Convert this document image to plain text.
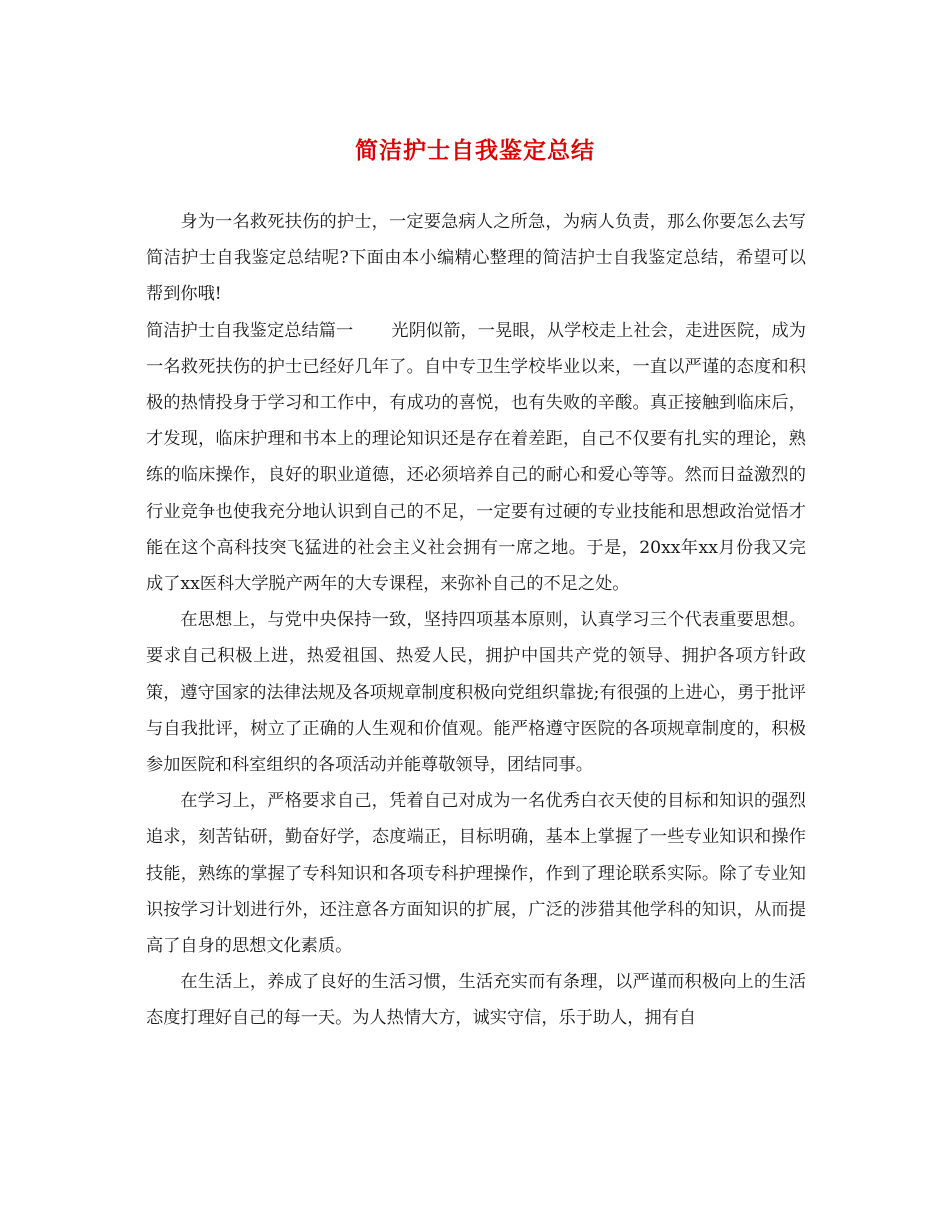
简洁护士自我鉴定总结

身为一名救死扶伤的护士，一定要急病人之所急，为病人负责，那么你要怎么去写简洁护士自我鉴定总结呢?下面由本小编精心整理的简洁护士自我鉴定总结，希望可以帮到你哦!

简洁护士自我鉴定总结篇一 光阴似箭，一晃眼，从学校走上社会，走进医院，成为一名救死扶伤的护士已经好几年了。自中专卫生学校毕业以来，一直以严谨的态度和积极的热情投身于学习和工作中，有成功的喜悦，也有失败的辛酸。真正接触到临床后，才发现，临床护理和书本上的理论知识还是存在着差距，自己不仅要有扎实的理论，熟练的临床操作，良好的职业道德，还必须培养自己的耐心和爱心等等。然而日益激烈的行业竞争也使我充分地认识到自己的不足，一定要有过硬的专业技能和思想政治觉悟才能在这个高科技突飞猛进的社会主义社会拥有一席之地。于是，20xx年xx月份我又完成了xx医科大学脱产两年的大专课程，来弥补自己的不足之处。

在思想上，与党中央保持一致，坚持四项基本原则，认真学习三个代表重要思想。要求自己积极上进，热爱祖国、热爱人民，拥护中国共产党的领导、拥护各项方针政策，遵守国家的法律法规及各项规章制度积极向党组织靠拢;有很强的上进心，勇于批评与自我批评，树立了正确的人生观和价值观。能严格遵守医院的各项规章制度的，积极参加医院和科室组织的各项活动并能尊敬领导，团结同事。

在学习上，严格要求自己，凭着自己对成为一名优秀白衣天使的目标和知识的强烈追求，刻苦钻研，勤奋好学，态度端正，目标明确，基本上掌握了一些专业知识和操作技能，熟练的掌握了专科知识和各项专科护理操作，作到了理论联系实际。除了专业知识按学习计划进行外，还注意各方面知识的扩展，广泛的涉猎其他学科的知识，从而提高了自身的思想文化素质。

在生活上，养成了良好的生活习惯，生活充实而有条理，以严谨而积极向上的生活态度打理好自己的每一天。为人热情大方，诚实守信，乐于助人，拥有自
